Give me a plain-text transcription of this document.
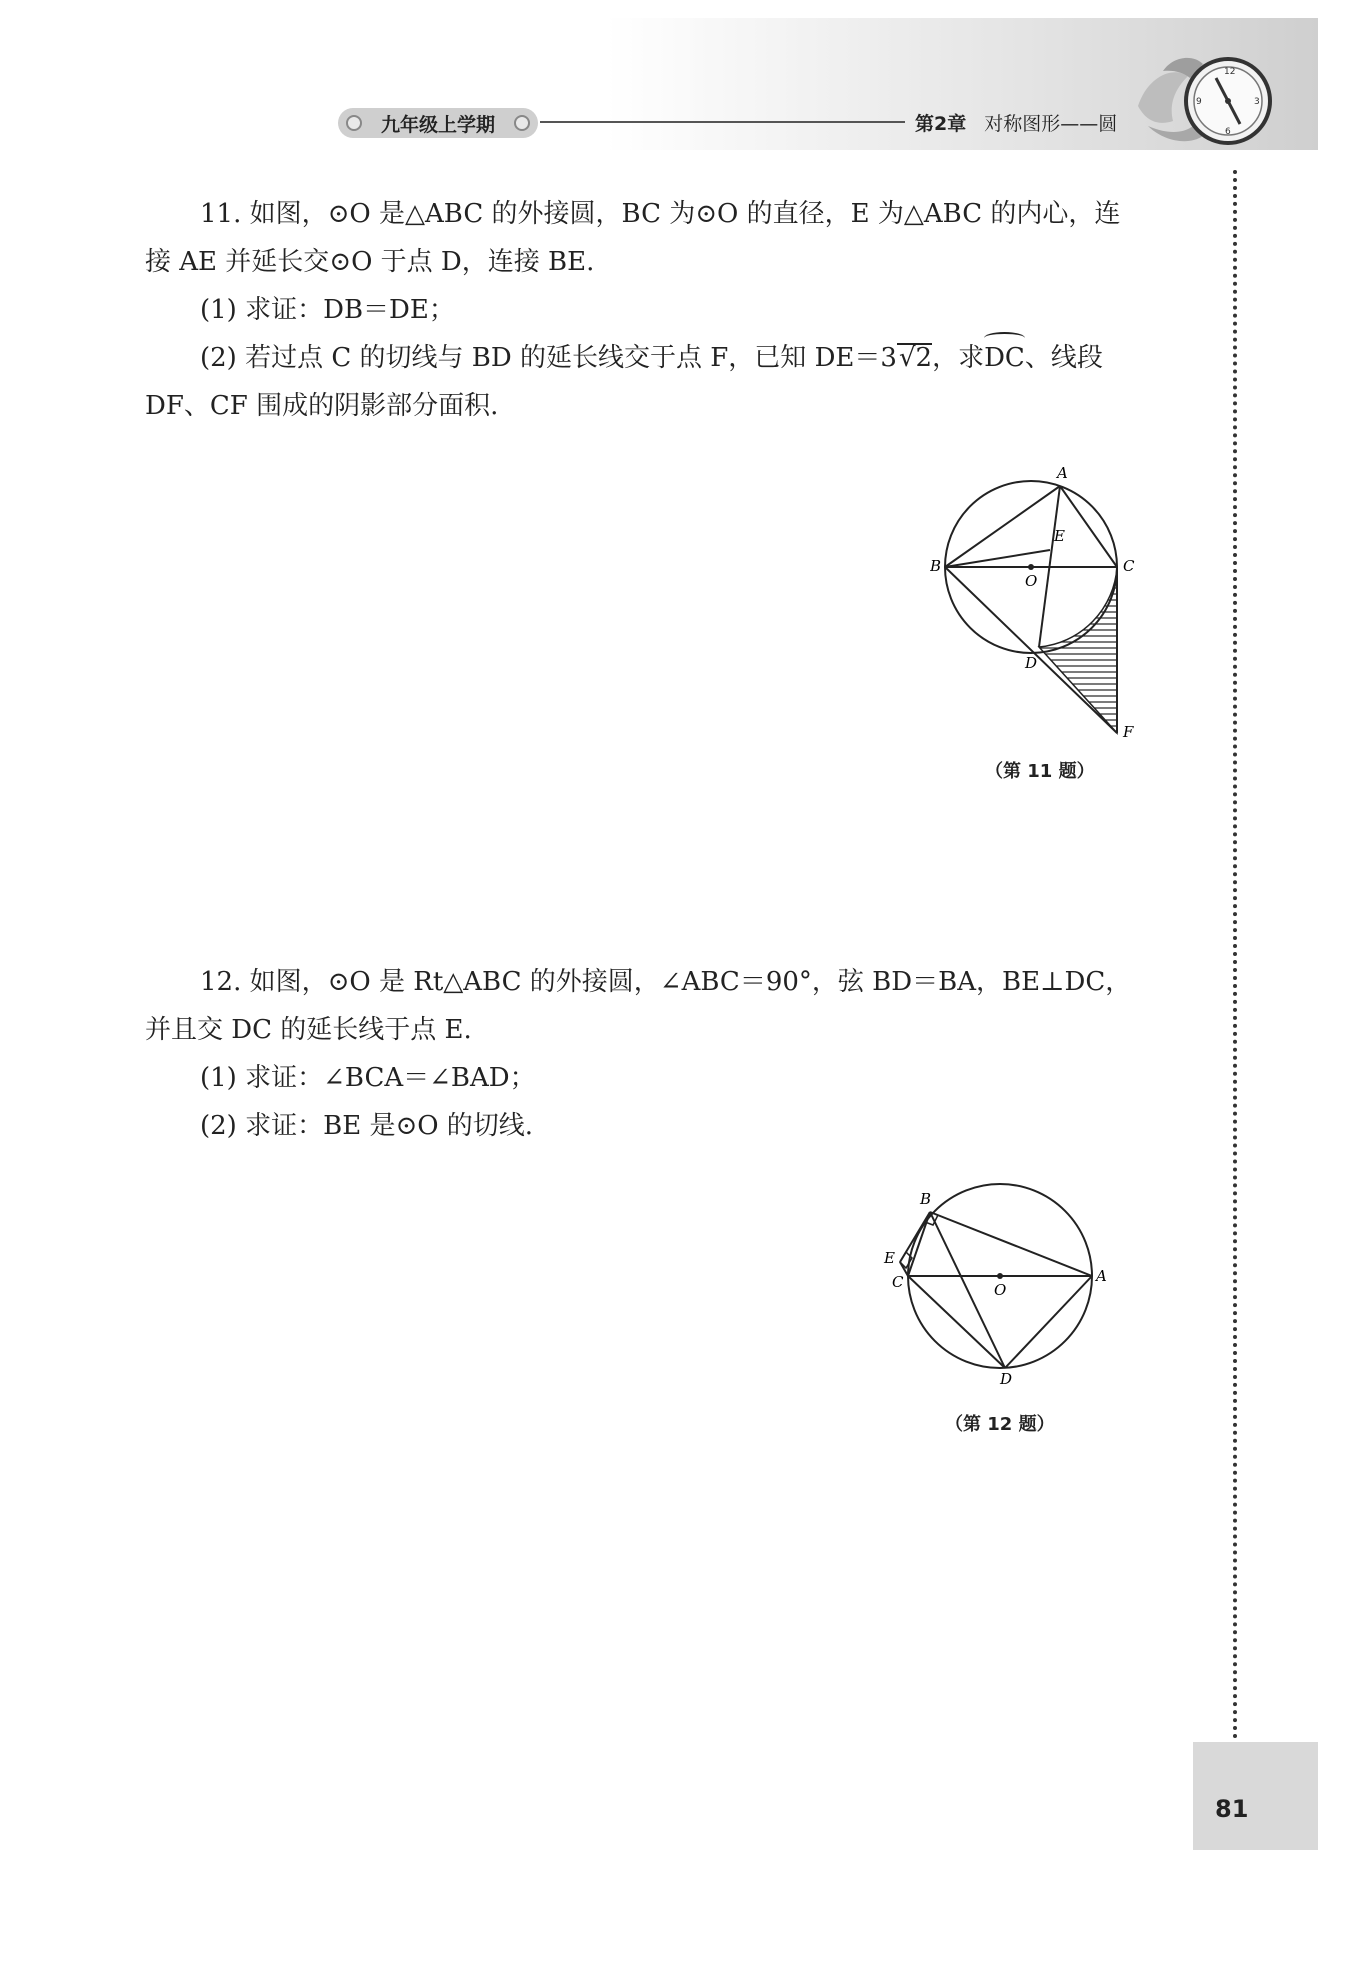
九年级上学期	第2章 对称图形——圆
12
3
6
9

11. 如图，⊙O 是△ABC 的外接圆，BC 为⊙O 的直径，E 为△ABC 的内心，连

接 AE 并延长交⊙O 于点 D，连接 BE.

(1) 求证：DB＝DE；

(2) 若过点 C 的切线与 BD 的延长线交于点 F，已知 DE＝3√2，求DC、线段

DF、CF 围成的阴影部分面积.

A
B	C
D
E
F
O
（第 11 题）

12. 如图，⊙O 是 Rt△ABC 的外接圆，∠ABC＝90°，弦 BD＝BA，BE⊥DC，

并且交 DC 的延长线于点 E.

(1) 求证：∠BCA＝∠BAD；

(2) 求证：BE 是⊙O 的切线.

B
A
C
D
E
O
（第 12 题）
81
